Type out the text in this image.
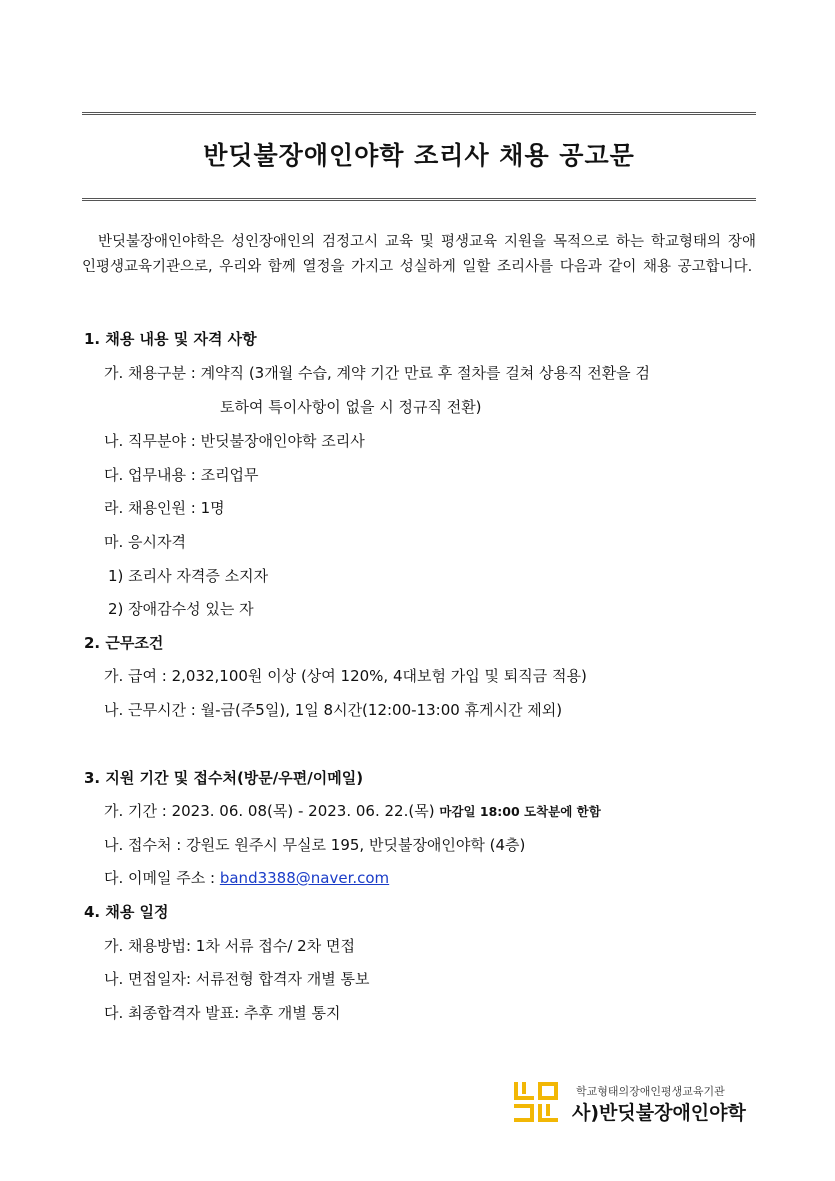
반딧불장애인야학 조리사 채용 공고문
반딧불장애인야학은 성인장애인의 검정고시 교육 및 평생교육 지원을 목적으로 하는 학교형태의 장애인평생교육기관으로, 우리와 함께 열정을 가지고 성실하게 일할 조리사를 다음과 같이 채용 공고합니다.
1. 채용 내용 및 자격 사항
가. 채용구분 : 계약직 (3개월 수습, 계약 기간 만료 후 절차를 걸쳐 상용직 전환을 검
토하여 특이사항이 없을 시 정규직 전환)
나. 직무분야 : 반딧불장애인야학 조리사
다. 업무내용 : 조리업무
라. 채용인원 : 1명
마. 응시자격
1) 조리사 자격증 소지자
2) 장애감수성 있는 자
2. 근무조건
가. 급여 : 2,032,100원 이상 (상여 120%, 4대보험 가입 및 퇴직금 적용)
나. 근무시간 : 월-금(주5일), 1일 8시간(12:00-13:00 휴게시간 제외)
3. 지원 기간 및 접수처(방문/우편/이메일)
가. 기간 : 2023. 06. 08(목) - 2023. 06. 22.(목) 마감일 18:00 도착분에 한함
나. 접수처 : 강원도 원주시 무실로 195, 반딧불장애인야학 (4층)
다. 이메일 주소 : band3388@naver.com
4. 채용 일정
가. 채용방법: 1차 서류 접수/ 2차 면접
나. 면접일자: 서류전형 합격자 개별 통보
다. 최종합격자 발표: 추후 개별 통지
학교형태의장애인평생교육기관
사)반딧불장애인야학
